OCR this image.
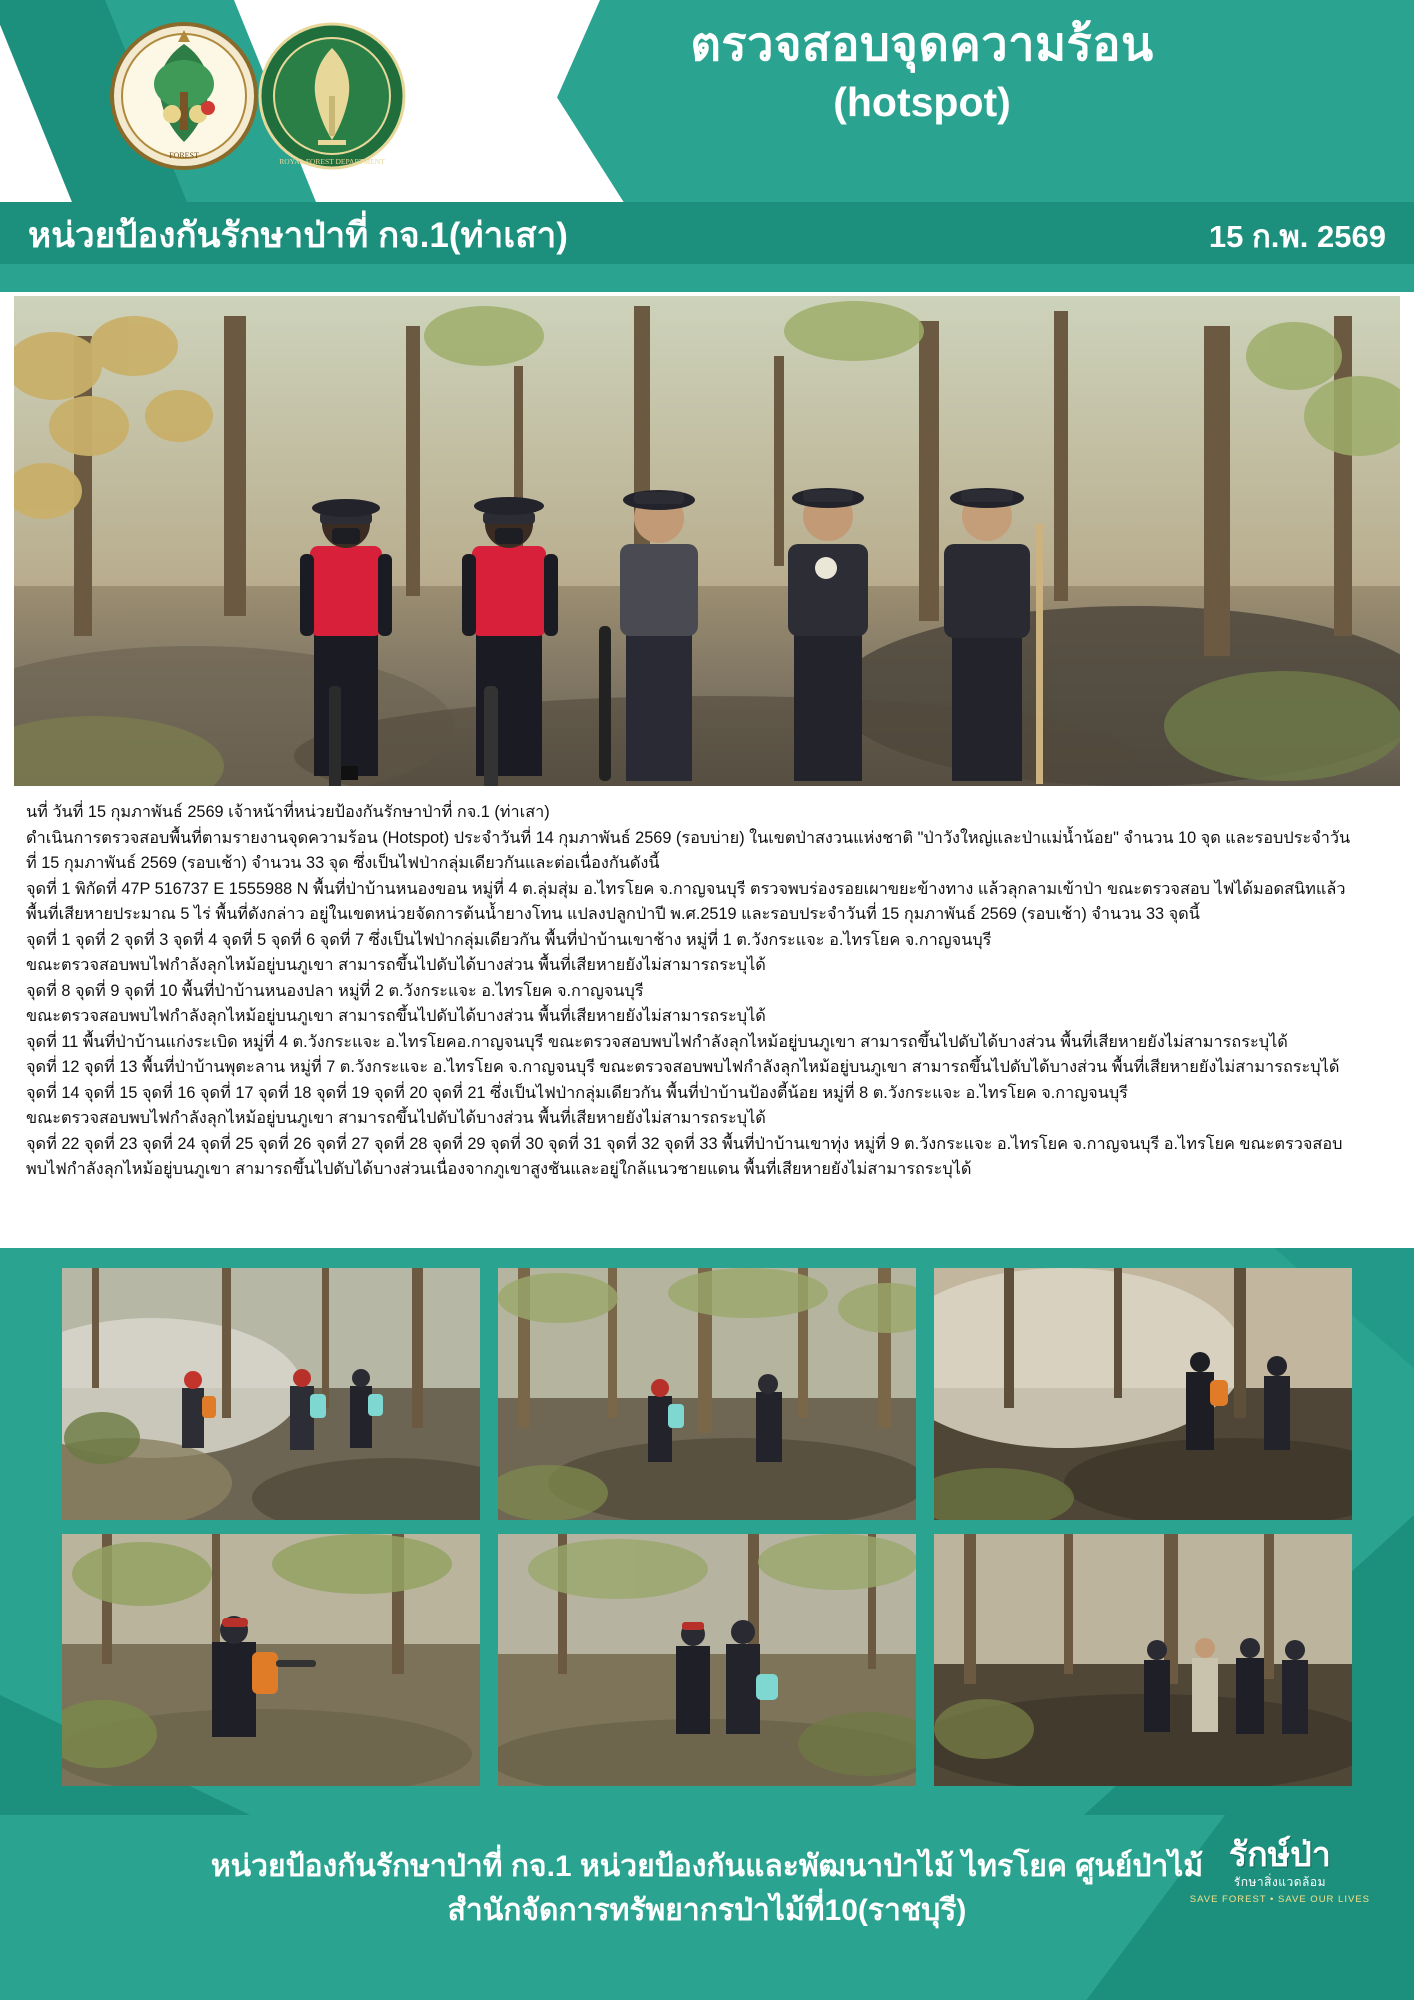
FOREST
ROYAL FOREST DEPARTMENT
ตรวจสอบจุดความร้อน
(hotspot)
หน่วยป้องกันรักษาป่าที่ กจ.1(ท่าเสา)	15 ก.พ. 2569

นที่ วันที่ 15 กุมภาพันธ์ 2569 เจ้าหน้าที่หน่วยป้องกันรักษาป่าที่ กจ.1 (ท่าเสา)

ดำเนินการตรวจสอบพื้นที่ตามรายงานจุดความร้อน (Hotspot) ประจำวันที่ 14 กุมภาพันธ์ 2569 (รอบบ่าย) ในเขตป่าสงวนแห่งชาติ "ป่าวังใหญ่และป่าแม่น้ำน้อย" จำนวน 10 จุด และรอบประจำวัน

ที่ 15 กุมภาพันธ์ 2569 (รอบเช้า) จำนวน 33 จุด ซึ่งเป็นไฟป่ากลุ่มเดียวกันและต่อเนื่องกันดังนี้

จุดที่ 1 พิกัดที่ 47P 516737 E 1555988 N พื้นที่ป่าบ้านหนองขอน หมู่ที่ 4 ต.ลุ่มสุ่ม อ.ไทรโยค จ.กาญจนบุรี ตรวจพบร่องรอยเผาขยะข้างทาง แล้วลุกลามเข้าป่า ขณะตรวจสอบ ไฟได้มอดสนิทแล้ว

พื้นที่เสียหายประมาณ 5 ไร่ พื้นที่ดังกล่าว อยู่ในเขตหน่วยจัดการต้นน้ำยางโทน แปลงปลูกป่าปี พ.ศ.2519 และรอบประจำวันที่ 15 กุมภาพันธ์ 2569 (รอบเช้า) จำนวน 33 จุดนี้

จุดที่ 1 จุดที่ 2 จุดที่ 3 จุดที่ 4 จุดที่ 5 จุดที่ 6 จุดที่ 7 ซึ่งเป็นไฟป่ากลุ่มเดียวกัน พื้นที่ป่าบ้านเขาช้าง หมู่ที่ 1 ต.วังกระแจะ อ.ไทรโยค จ.กาญจนบุรี

ขณะตรวจสอบพบไฟกำลังลุกไหม้อยู่บนภูเขา สามารถขึ้นไปดับได้บางส่วน พื้นที่เสียหายยังไม่สามารถระบุได้

จุดที่ 8 จุดที่ 9 จุดที่ 10 พื้นที่ป่าบ้านหนองปลา หมู่ที่ 2 ต.วังกระแจะ อ.ไทรโยค จ.กาญจนบุรี

ขณะตรวจสอบพบไฟกำลังลุกไหม้อยู่บนภูเขา สามารถขึ้นไปดับได้บางส่วน พื้นที่เสียหายยังไม่สามารถระบุได้

จุดที่ 11 พื้นที่ป่าบ้านแก่งระเบิด หมู่ที่ 4 ต.วังกระแจะ อ.ไทรโยคอ.กาญจนบุรี ขณะตรวจสอบพบไฟกำลังลุกไหม้อยู่บนภูเขา สามารถขึ้นไปดับได้บางส่วน พื้นที่เสียหายยังไม่สามารถระบุได้

จุดที่ 12 จุดที่ 13 พื้นที่ป่าบ้านพุตะลาน หมู่ที่ 7 ต.วังกระแจะ อ.ไทรโยค จ.กาญจนบุรี ขณะตรวจสอบพบไฟกำลังลุกไหม้อยู่บนภูเขา สามารถขึ้นไปดับได้บางส่วน พื้นที่เสียหายยังไม่สามารถระบุได้

จุดที่ 14 จุดที่ 15 จุดที่ 16 จุดที่ 17 จุดที่ 18 จุดที่ 19 จุดที่ 20 จุดที่ 21 ซึ่งเป็นไฟป่ากลุ่มเดียวกัน พื้นที่ป่าบ้านป้องตี้น้อย หมู่ที่ 8 ต.วังกระแจะ อ.ไทรโยค จ.กาญจนบุรี

ขณะตรวจสอบพบไฟกำลังลุกไหม้อยู่บนภูเขา สามารถขึ้นไปดับได้บางส่วน พื้นที่เสียหายยังไม่สามารถระบุได้

จุดที่ 22 จุดที่ 23 จุดที่ 24 จุดที่ 25 จุดที่ 26 จุดที่ 27 จุดที่ 28 จุดที่ 29 จุดที่ 30 จุดที่ 31 จุดที่ 32 จุดที่ 33 พื้นที่ป่าบ้านเขาทุ่ง หมู่ที่ 9 ต.วังกระแจะ อ.ไทรโยค จ.กาญจนบุรี อ.ไทรโยค ขณะตรวจสอบ

พบไฟกำลังลุกไหม้อยู่บนภูเขา สามารถขึ้นไปดับได้บางส่วนเนื่องจากภูเขาสูงชันและอยู่ใกล้แนวชายแดน พื้นที่เสียหายยังไม่สามารถระบุได้

หน่วยป้องกันรักษาป่าที่ กจ.1 หน่วยป้องกันและพัฒนาป่าไม้ ไทรโยค ศูนย์ป่าไม้
สำนักจัดการทรัพยากรป่าไม้ที่10(ราชบุรี)
รักษ์ป่า
รักษาสิ่งแวดล้อม
SAVE FOREST • SAVE OUR LIVES
